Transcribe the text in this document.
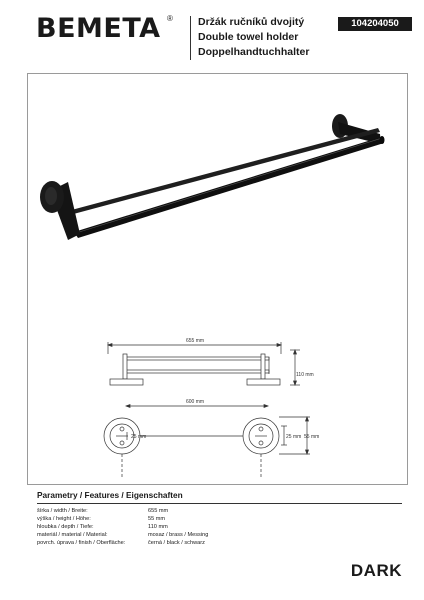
BEMETA ® Držák ručníků dvojitý
Double towel holder
Doppelhandtuchhalter
104204050
655 mm
110 mm
600 mm
25 mm	25 mm 55 mm
Parametry / Features / Eigenschaften
šírka / width / Breite:	655 mm
výška / height / Höhe:	55 mm
hloubka / depth / Tiefe:	110 mm
materiál / material / Material:	mosaz / brass / Messing
povrch. úprava / finish / Oberfläche:	černá / black / schwarz
DARK
